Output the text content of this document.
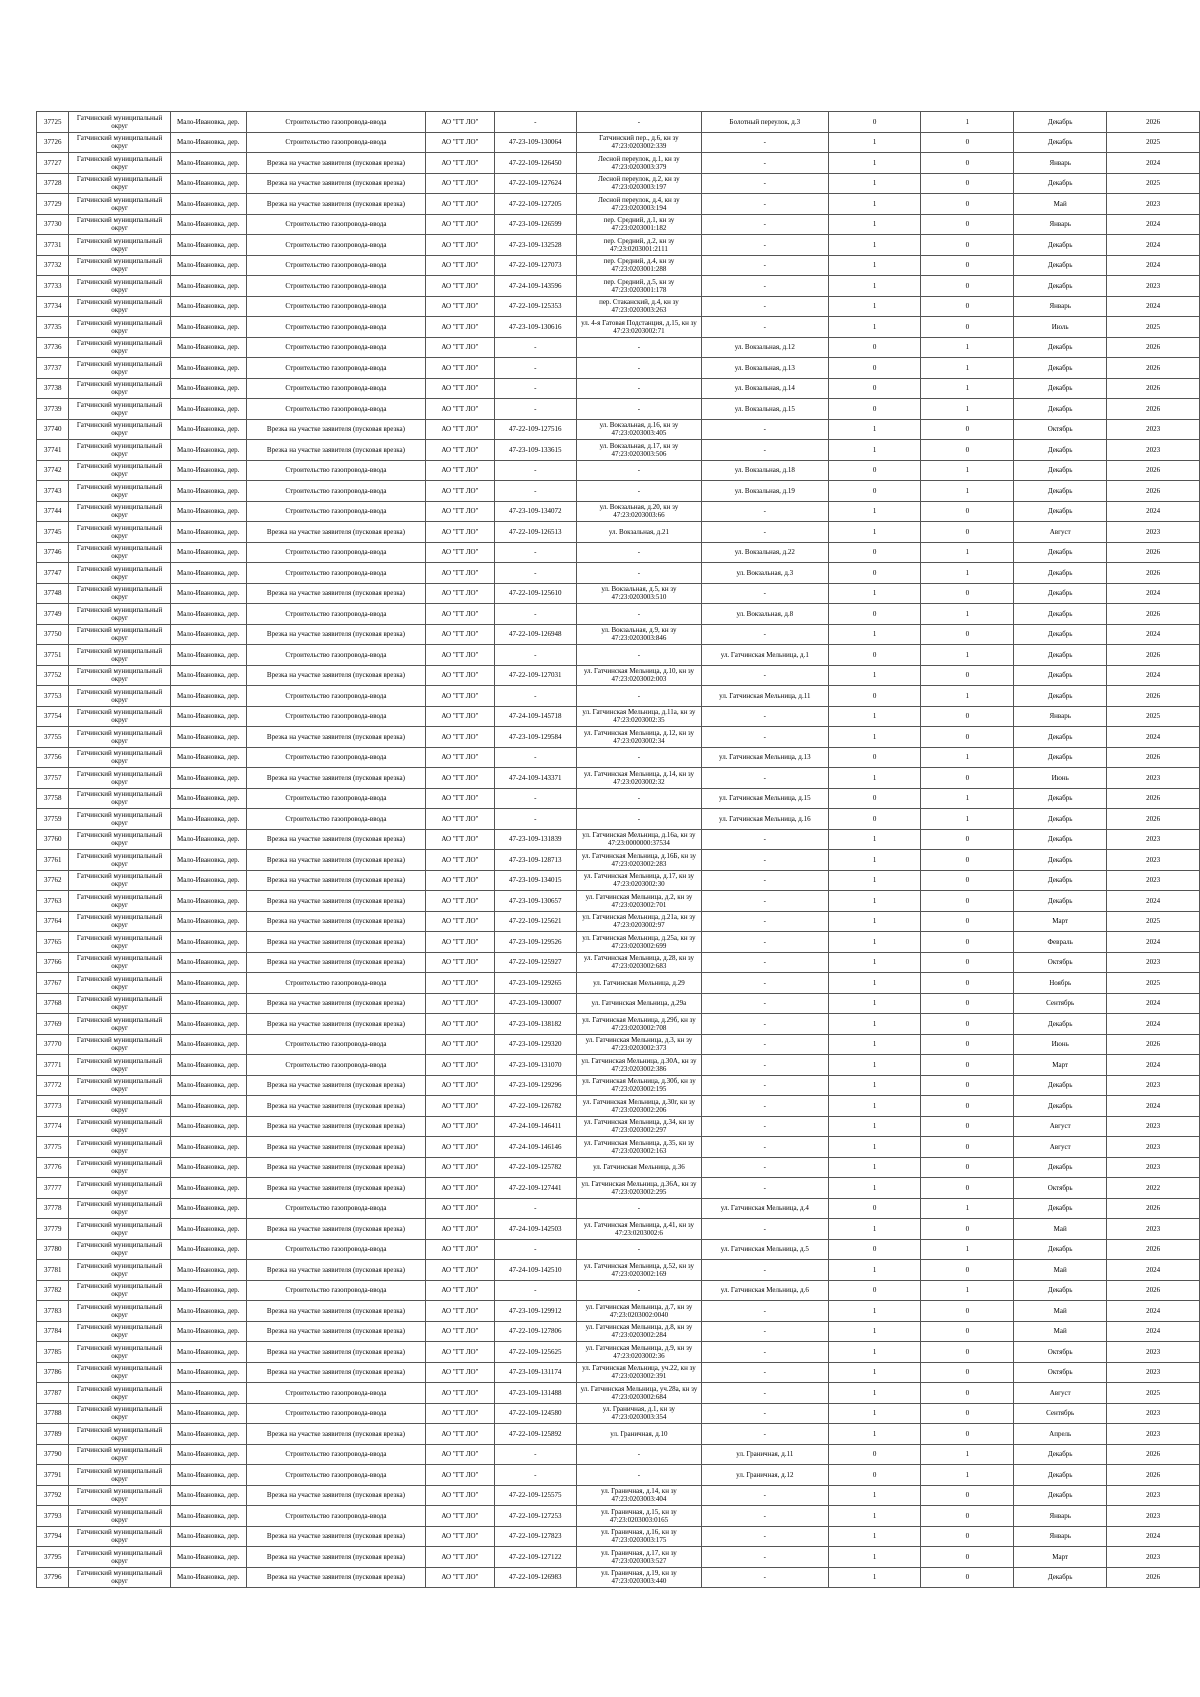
37725	Гатчинский муниципальный округ	Мало-Ивановка, дер.	Строительство газопровода-ввода	АО "ГТ ЛО"	-	-	Болотный переулок, д.3	0	1	Декабрь	2026
37726	Гатчинский муниципальный округ	Мало-Ивановка, дер.	Строительство газопровода-ввода	АО "ГТ ЛО"	47-23-109-130064	Гатчинский пер., д.6, кн зу 47:23:0203002:339	-	1	0	Декабрь	2025
37727	Гатчинский муниципальный округ	Мало-Ивановка, дер.	Врезка на участке заявителя (пусковая врезка)	АО "ГТ ЛО"	47-22-109-126450	Лесной переулок, д.1, кн зу 47:23:0203003:379	-	1	0	Январь	2024
37728	Гатчинский муниципальный округ	Мало-Ивановка, дер.	Врезка на участке заявителя (пусковая врезка)	АО "ГТ ЛО"	47-22-109-127624	Лесной переулок, д.2, кн зу 47:23:0203003:197	-	1	0	Декабрь	2025
37729	Гатчинский муниципальный округ	Мало-Ивановка, дер.	Врезка на участке заявителя (пусковая врезка)	АО "ГТ ЛО"	47-22-109-127205	Лесной переулок, д.4, кн зу 47:23:0203003:194	-	1	0	Май	2023
37730	Гатчинский муниципальный округ	Мало-Ивановка, дер.	Строительство газопровода-ввода	АО "ГТ ЛО"	47-23-109-126599	пер. Средний, д.1, кн зу 47:23:0203001:182	-	1	0	Январь	2024
37731	Гатчинский муниципальный округ	Мало-Ивановка, дер.	Строительство газопровода-ввода	АО "ГТ ЛО"	47-23-109-132528	пер. Средний, д.2, кн зу 47:23:0203001:2111	-	1	0	Декабрь	2024
37732	Гатчинский муниципальный округ	Мало-Ивановка, дер.	Строительство газопровода-ввода	АО "ГТ ЛО"	47-22-109-127073	пер. Средний, д.4, кн зу 47:23:0203001:288	-	1	0	Декабрь	2024
37733	Гатчинский муниципальный округ	Мало-Ивановка, дер.	Строительство газопровода-ввода	АО "ГТ ЛО"	47-24-109-143596	пер. Средний, д.5, кн зу 47:23:0203001:178	-	1	0	Декабрь	2023
37734	Гатчинский муниципальный округ	Мало-Ивановка, дер.	Строительство газопровода-ввода	АО "ГТ ЛО"	47-22-109-125353	пер. Стаканский, д.4, кн зу 47:23:0203003:263	-	1	0	Январь	2024
37735	Гатчинский муниципальный округ	Мало-Ивановка, дер.	Строительство газопровода-ввода	АО "ГТ ЛО"	47-23-109-130616	ул. 4-я Гатовая Подстанция, д.15, кн зу 47:23:0203002:71	-	1	0	Июль	2025
37736	Гатчинский муниципальный округ	Мало-Ивановка, дер.	Строительство газопровода-ввода	АО "ГТ ЛО"	-	-	ул. Вокзальная, д.12	0	1	Декабрь	2026
37737	Гатчинский муниципальный округ	Мало-Ивановка, дер.	Строительство газопровода-ввода	АО "ГТ ЛО"	-	-	ул. Вокзальная, д.13	0	1	Декабрь	2026
37738	Гатчинский муниципальный округ	Мало-Ивановка, дер.	Строительство газопровода-ввода	АО "ГТ ЛО"	-	-	ул. Вокзальная, д.14	0	1	Декабрь	2026
37739	Гатчинский муниципальный округ	Мало-Ивановка, дер.	Строительство газопровода-ввода	АО "ГТ ЛО"	-	-	ул. Вокзальная, д.15	0	1	Декабрь	2026
37740	Гатчинский муниципальный округ	Мало-Ивановка, дер.	Врезка на участке заявителя (пусковая врезка)	АО "ГТ ЛО"	47-22-109-127516	ул. Вокзальная, д.16, кн зу 47:23:0203003:405	-	1	0	Октябрь	2023
37741	Гатчинский муниципальный округ	Мало-Ивановка, дер.	Врезка на участке заявителя (пусковая врезка)	АО "ГТ ЛО"	47-23-109-133615	ул. Вокзальная, д.17, кн зу 47:23:0203003:506	-	1	0	Декабрь	2023
37742	Гатчинский муниципальный округ	Мало-Ивановка, дер.	Строительство газопровода-ввода	АО "ГТ ЛО"	-	-	ул. Вокзальная, д.18	0	1	Декабрь	2026
37743	Гатчинский муниципальный округ	Мало-Ивановка, дер.	Строительство газопровода-ввода	АО "ГТ ЛО"	-	-	ул. Вокзальная, д.19	0	1	Декабрь	2026
37744	Гатчинский муниципальный округ	Мало-Ивановка, дер.	Строительство газопровода-ввода	АО "ГТ ЛО"	47-23-109-134072	ул. Вокзальная, д.20, кн зу 47:23:0203003:66	-	1	0	Декабрь	2024
37745	Гатчинский муниципальный округ	Мало-Ивановка, дер.	Врезка на участке заявителя (пусковая врезка)	АО "ГТ ЛО"	47-22-109-126513	ул. Вокзальная, д.21	-	1	0	Август	2023
37746	Гатчинский муниципальный округ	Мало-Ивановка, дер.	Строительство газопровода-ввода	АО "ГТ ЛО"	-	-	ул. Вокзальная, д.22	0	1	Декабрь	2026
37747	Гатчинский муниципальный округ	Мало-Ивановка, дер.	Строительство газопровода-ввода	АО "ГТ ЛО"	-	-	ул. Вокзальная, д.3	0	1	Декабрь	2026
37748	Гатчинский муниципальный округ	Мало-Ивановка, дер.	Врезка на участке заявителя (пусковая врезка)	АО "ГТ ЛО"	47-22-109-125610	ул. Вокзальная, д.5, кн зу 47:23:0203003:510	-	1	0	Декабрь	2024
37749	Гатчинский муниципальный округ	Мало-Ивановка, дер.	Строительство газопровода-ввода	АО "ГТ ЛО"	-	-	ул. Вокзальная, д.8	0	1	Декабрь	2026
37750	Гатчинский муниципальный округ	Мало-Ивановка, дер.	Врезка на участке заявителя (пусковая врезка)	АО "ГТ ЛО"	47-22-109-126948	ул. Вокзальная, д.9, кн зу 47:23:0203003:846	-	1	0	Декабрь	2024
37751	Гатчинский муниципальный округ	Мало-Ивановка, дер.	Строительство газопровода-ввода	АО "ГТ ЛО"	-	-	ул. Гатчинская Мельница, д.1	0	1	Декабрь	2026
37752	Гатчинский муниципальный округ	Мало-Ивановка, дер.	Врезка на участке заявителя (пусковая врезка)	АО "ГТ ЛО"	47-22-109-127031	ул. Гатчинская Мельница, д.10, кн зу 47:23:0203002:003	-	1	0	Декабрь	2024
37753	Гатчинский муниципальный округ	Мало-Ивановка, дер.	Строительство газопровода-ввода	АО "ГТ ЛО"	-	-	ул. Гатчинская Мельница, д.11	0	1	Декабрь	2026
37754	Гатчинский муниципальный округ	Мало-Ивановка, дер.	Строительство газопровода-ввода	АО "ГТ ЛО"	47-24-109-145718	ул. Гатчинская Мельница, д.11а, кн зу 47:23:0203002:35	-	1	0	Январь	2025
37755	Гатчинский муниципальный округ	Мало-Ивановка, дер.	Врезка на участке заявителя (пусковая врезка)	АО "ГТ ЛО"	47-23-109-129584	ул. Гатчинская Мельница, д.12, кн зу 47:23:0203002:34	-	1	0	Декабрь	2024
37756	Гатчинский муниципальный округ	Мало-Ивановка, дер.	Строительство газопровода-ввода	АО "ГТ ЛО"	-	-	ул. Гатчинская Мельница, д.13	0	1	Декабрь	2026
37757	Гатчинский муниципальный округ	Мало-Ивановка, дер.	Врезка на участке заявителя (пусковая врезка)	АО "ГТ ЛО"	47-24-109-143371	ул. Гатчинская Мельница, д.14, кн зу 47:23:0203002:32	-	1	0	Июнь	2023
37758	Гатчинский муниципальный округ	Мало-Ивановка, дер.	Строительство газопровода-ввода	АО "ГТ ЛО"	-	-	ул. Гатчинская Мельница, д.15	0	1	Декабрь	2026
37759	Гатчинский муниципальный округ	Мало-Ивановка, дер.	Строительство газопровода-ввода	АО "ГТ ЛО"	-	-	ул. Гатчинская Мельница, д.16	0	1	Декабрь	2026
37760	Гатчинский муниципальный округ	Мало-Ивановка, дер.	Врезка на участке заявителя (пусковая врезка)	АО "ГТ ЛО"	47-23-109-131839	ул. Гатчинская Мельница, д.16а, кн зу 47:23:0000000:37534	-	1	0	Декабрь	2023
37761	Гатчинский муниципальный округ	Мало-Ивановка, дер.	Врезка на участке заявителя (пусковая врезка)	АО "ГТ ЛО"	47-23-109-128713	ул. Гатчинская Мельница, д.16Б, кн зу 47:23:0203002:283	-	1	0	Декабрь	2023
37762	Гатчинский муниципальный округ	Мало-Ивановка, дер.	Врезка на участке заявителя (пусковая врезка)	АО "ГТ ЛО"	47-23-109-134015	ул. Гатчинская Мельница, д.17, кн зу 47:23:0203002:30	-	1	0	Декабрь	2023
37763	Гатчинский муниципальный округ	Мало-Ивановка, дер.	Врезка на участке заявителя (пусковая врезка)	АО "ГТ ЛО"	47-23-109-130657	ул. Гатчинская Мельница, д.2, кн зу 47:23:0203002:701	-	1	0	Декабрь	2024
37764	Гатчинский муниципальный округ	Мало-Ивановка, дер.	Врезка на участке заявителя (пусковая врезка)	АО "ГТ ЛО"	47-22-109-125621	ул. Гатчинская Мельница, д.21а, кн зу 47:23:0203002:97	-	1	0	Март	2025
37765	Гатчинский муниципальный округ	Мало-Ивановка, дер.	Врезка на участке заявителя (пусковая врезка)	АО "ГТ ЛО"	47-23-109-129526	ул. Гатчинская Мельница, д.25а, кн зу 47:23:0203002:699	-	1	0	Февраль	2024
37766	Гатчинский муниципальный округ	Мало-Ивановка, дер.	Врезка на участке заявителя (пусковая врезка)	АО "ГТ ЛО"	47-22-109-125927	ул. Гатчинская Мельница, д.28, кн зу 47:23:0203002:683	-	1	0	Октябрь	2023
37767	Гатчинский муниципальный округ	Мало-Ивановка, дер.	Строительство газопровода-ввода	АО "ГТ ЛО"	47-23-109-129265	ул. Гатчинская Мельница, д.29	-	1	0	Ноябрь	2025
37768	Гатчинский муниципальный округ	Мало-Ивановка, дер.	Врезка на участке заявителя (пусковая врезка)	АО "ГТ ЛО"	47-23-109-130007	ул. Гатчинская Мельница, д.29а	-	1	0	Сентябрь	2024
37769	Гатчинский муниципальный округ	Мало-Ивановка, дер.	Врезка на участке заявителя (пусковая врезка)	АО "ГТ ЛО"	47-23-109-138182	ул. Гатчинская Мельница, д.29б, кн зу 47:23:0203002:708	-	1	0	Декабрь	2024
37770	Гатчинский муниципальный округ	Мало-Ивановка, дер.	Строительство газопровода-ввода	АО "ГТ ЛО"	47-23-109-129320	ул. Гатчинская Мельница, д.3, кн зу 47:23:0203002:373	-	1	0	Июнь	2026
37771	Гатчинский муниципальный округ	Мало-Ивановка, дер.	Строительство газопровода-ввода	АО "ГТ ЛО"	47-23-109-131070	ул. Гатчинская Мельница, д.30А, кн зу 47:23:0203002:386	-	1	0	Март	2024
37772	Гатчинский муниципальный округ	Мало-Ивановка, дер.	Врезка на участке заявителя (пусковая врезка)	АО "ГТ ЛО"	47-23-109-129296	ул. Гатчинская Мельница, д.30б, кн зу 47:23:0203002:195	-	1	0	Декабрь	2023
37773	Гатчинский муниципальный округ	Мало-Ивановка, дер.	Врезка на участке заявителя (пусковая врезка)	АО "ГТ ЛО"	47-22-109-126782	ул. Гатчинская Мельница, д.30г, кн зу 47:23:0203002:206	-	1	0	Декабрь	2024
37774	Гатчинский муниципальный округ	Мало-Ивановка, дер.	Врезка на участке заявителя (пусковая врезка)	АО "ГТ ЛО"	47-24-109-146411	ул. Гатчинская Мельница, д.34, кн зу 47:23:0203002:297	-	1	0	Август	2023
37775	Гатчинский муниципальный округ	Мало-Ивановка, дер.	Врезка на участке заявителя (пусковая врезка)	АО "ГТ ЛО"	47-24-109-146146	ул. Гатчинская Мельница, д.35, кн зу 47:23:0203002:163	-	1	0	Август	2023
37776	Гатчинский муниципальный округ	Мало-Ивановка, дер.	Врезка на участке заявителя (пусковая врезка)	АО "ГТ ЛО"	47-22-109-125782	ул. Гатчинская Мельница, д.36	-	1	0	Декабрь	2023
37777	Гатчинский муниципальный округ	Мало-Ивановка, дер.	Врезка на участке заявителя (пусковая врезка)	АО "ГТ ЛО"	47-22-109-127441	ул. Гатчинская Мельница, д.36А, кн зу 47:23:0203002:295	-	1	0	Октябрь	2022
37778	Гатчинский муниципальный округ	Мало-Ивановка, дер.	Строительство газопровода-ввода	АО "ГТ ЛО"	-	-	ул. Гатчинская Мельница, д.4	0	1	Декабрь	2026
37779	Гатчинский муниципальный округ	Мало-Ивановка, дер.	Врезка на участке заявителя (пусковая врезка)	АО "ГТ ЛО"	47-24-109-142503	ул. Гатчинская Мельница, д.41, кн зу 47:23:0203002:6	-	1	0	Май	2023
37780	Гатчинский муниципальный округ	Мало-Ивановка, дер.	Строительство газопровода-ввода	АО "ГТ ЛО"	-	-	ул. Гатчинская Мельница, д.5	0	1	Декабрь	2026
37781	Гатчинский муниципальный округ	Мало-Ивановка, дер.	Врезка на участке заявителя (пусковая врезка)	АО "ГТ ЛО"	47-24-109-142510	ул. Гатчинская Мельница, д.52, кн зу 47:23:0203002:169	-	1	0	Май	2024
37782	Гатчинский муниципальный округ	Мало-Ивановка, дер.	Строительство газопровода-ввода	АО "ГТ ЛО"	-	-	ул. Гатчинская Мельница, д.6	0	1	Декабрь	2026
37783	Гатчинский муниципальный округ	Мало-Ивановка, дер.	Врезка на участке заявителя (пусковая врезка)	АО "ГТ ЛО"	47-23-109-129912	ул. Гатчинская Мельница, д.7, кн зу 47:23:0203002:0040	-	1	0	Май	2024
37784	Гатчинский муниципальный округ	Мало-Ивановка, дер.	Врезка на участке заявителя (пусковая врезка)	АО "ГТ ЛО"	47-22-109-127806	ул. Гатчинская Мельница, д.8, кн зу 47:23:0203002:284	-	1	0	Май	2024
37785	Гатчинский муниципальный округ	Мало-Ивановка, дер.	Врезка на участке заявителя (пусковая врезка)	АО "ГТ ЛО"	47-22-109-125625	ул. Гатчинская Мельница, д.9, кн зу 47:23:0203002:36	-	1	0	Октябрь	2023
37786	Гатчинский муниципальный округ	Мало-Ивановка, дер.	Врезка на участке заявителя (пусковая врезка)	АО "ГТ ЛО"	47-23-109-131174	ул. Гатчинская Мельница, уч.22, кн зу 47:23:0203002:391	-	1	0	Октябрь	2023
37787	Гатчинский муниципальный округ	Мало-Ивановка, дер.	Строительство газопровода-ввода	АО "ГТ ЛО"	47-23-109-131488	ул. Гатчинская Мельница, уч.28а, кн зу 47:23:0203002:684	-	1	0	Август	2025
37788	Гатчинский муниципальный округ	Мало-Ивановка, дер.	Строительство газопровода-ввода	АО "ГТ ЛО"	47-22-109-124580	ул. Граничная, д.1, кн зу 47:23:0203003:354	-	1	0	Сентябрь	2023
37789	Гатчинский муниципальный округ	Мало-Ивановка, дер.	Врезка на участке заявителя (пусковая врезка)	АО "ГТ ЛО"	47-22-109-125892	ул. Граничная, д.10	-	1	0	Апрель	2023
37790	Гатчинский муниципальный округ	Мало-Ивановка, дер.	Строительство газопровода-ввода	АО "ГТ ЛО"	-	-	ул. Граничная, д.11	0	1	Декабрь	2026
37791	Гатчинский муниципальный округ	Мало-Ивановка, дер.	Строительство газопровода-ввода	АО "ГТ ЛО"	-	-	ул. Граничная, д.12	0	1	Декабрь	2026
37792	Гатчинский муниципальный округ	Мало-Ивановка, дер.	Врезка на участке заявителя (пусковая врезка)	АО "ГТ ЛО"	47-22-109-125575	ул. Граничная, д.14, кн зу 47:23:0203003:404	-	1	0	Декабрь	2023
37793	Гатчинский муниципальный округ	Мало-Ивановка, дер.	Строительство газопровода-ввода	АО "ГТ ЛО"	47-22-109-127253	ул. Граничная, д.15, кн зу 47:23:0203003:0165	-	1	0	Январь	2023
37794	Гатчинский муниципальный округ	Мало-Ивановка, дер.	Врезка на участке заявителя (пусковая врезка)	АО "ГТ ЛО"	47-22-109-127823	ул. Граничная, д.16, кн зу 47:23:0203003:175	-	1	0	Январь	2024
37795	Гатчинский муниципальный округ	Мало-Ивановка, дер.	Врезка на участке заявителя (пусковая врезка)	АО "ГТ ЛО"	47-22-109-127122	ул. Граничная, д.17, кн зу 47:23:0203003:527	-	1	0	Март	2023
37796	Гатчинский муниципальный округ	Мало-Ивановка, дер.	Врезка на участке заявителя (пусковая врезка)	АО "ГТ ЛО"	47-22-109-126983	ул. Граничная, д.19, кн зу 47:23:0203003:440	-	1	0	Декабрь	2026
